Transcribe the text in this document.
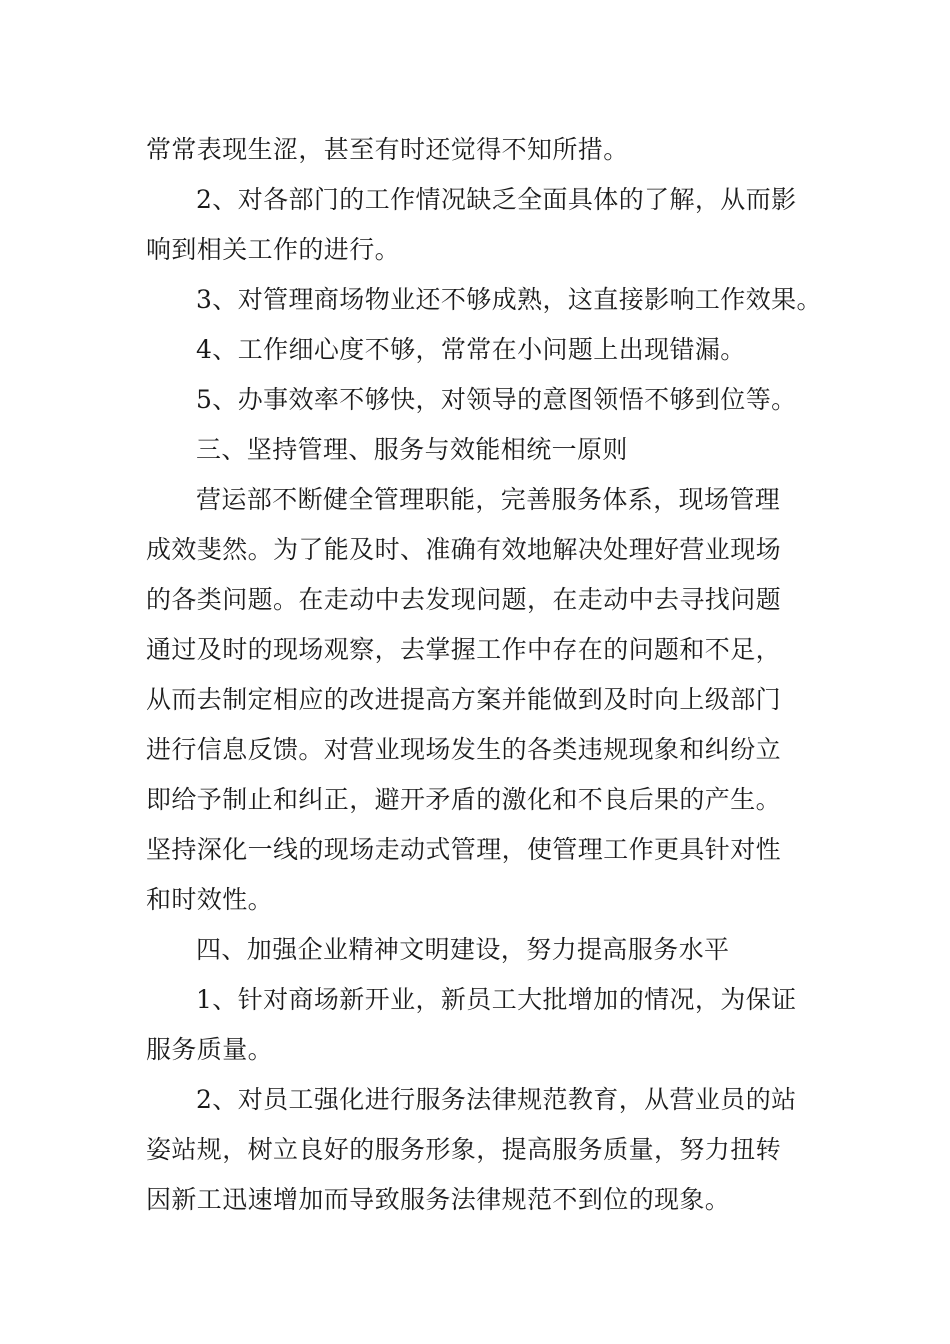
常常表现生涩，甚至有时还觉得不知所措。
2、对各部门的工作情况缺乏全面具体的了解，从而影
响到相关工作的进行。
3、对管理商场物业还不够成熟，这直接影响工作效果。
4、工作细心度不够，常常在小问题上出现错漏。
5、办事效率不够快，对领导的意图领悟不够到位等。
三、坚持管理、服务与效能相统一原则
营运部不断健全管理职能，完善服务体系，现场管理
成效斐然。为了能及时、准确有效地解决处理好营业现场
的各类问题。在走动中去发现问题，在走动中去寻找问题
通过及时的现场观察，去掌握工作中存在的问题和不足，
从而去制定相应的改进提高方案并能做到及时向上级部门
进行信息反馈。对营业现场发生的各类违规现象和纠纷立
即给予制止和纠正，避开矛盾的激化和不良后果的产生。
坚持深化一线的现场走动式管理，使管理工作更具针对性
和时效性。
四、加强企业精神文明建设，努力提高服务水平
1、针对商场新开业，新员工大批增加的情况，为保证
服务质量。
2、对员工强化进行服务法律规范教育，从营业员的站
姿站规，树立良好的服务形象，提高服务质量，努力扭转
因新工迅速增加而导致服务法律规范不到位的现象。
